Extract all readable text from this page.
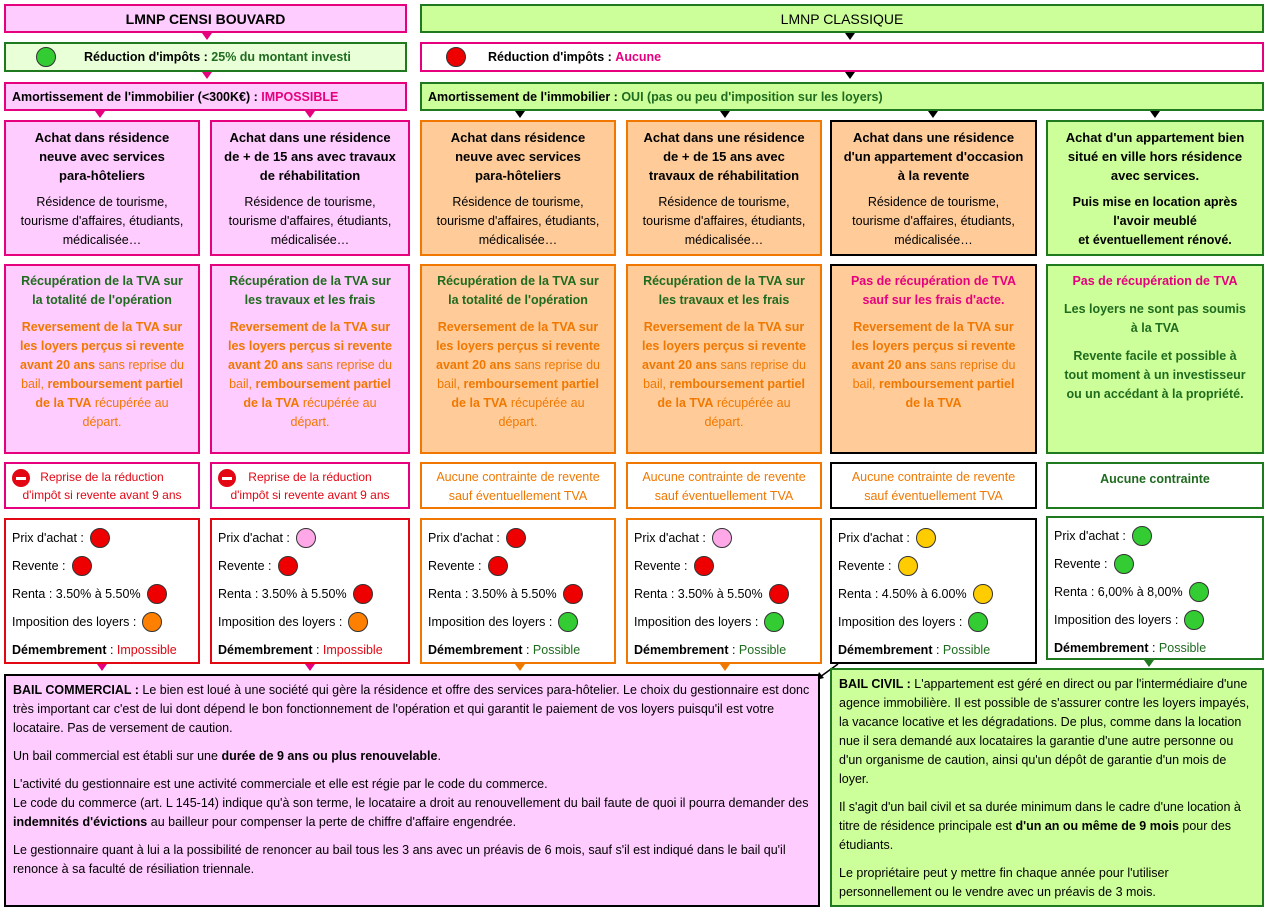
LMNP CENSI BOUVARD	LMNP CLASSIQUE
Réduction d'impôts :
25% du montant investi	Réduction d'impôts :
Aucune
Amortissement de l'immobilier (<300K€) :
IMPOSSIBLE	Amortissement de l'immobilier :
OUI (pas ou peu d'imposition sur les loyers)
Achat dans résidence
neuve avec services
para-hôteliers
Résidence de tourisme,
tourisme d'affaires, étudiants,
médicalisée…
Achat dans une résidence
de + de 15 ans avec travaux
de réhabilitation
Résidence de tourisme,
tourisme d'affaires, étudiants,
médicalisée…
Achat dans résidence
neuve avec services
para-hôteliers
Résidence de tourisme,
tourisme d'affaires, étudiants,
médicalisée…
Achat dans une résidence
de + de 15 ans avec
travaux de réhabilitation
Résidence de tourisme,
tourisme d'affaires, étudiants,
médicalisée…
Achat dans une résidence
d'un appartement d'occasion
à la revente
Résidence de tourisme,
tourisme d'affaires, étudiants,
médicalisée…
Achat d'un appartement bien
situé en ville hors résidence
avec services.
Puis mise en location après
l'avoir meublé
et éventuellement rénové.

Récupération de la TVA sur
la totalité de l'opération

Reversement de la TVA sur
les loyers perçus si revente
avant 20 ans sans reprise du
bail, remboursement partiel
de la TVA récupérée au
départ.

Récupération de la TVA sur
les travaux et les frais

Reversement de la TVA sur
les loyers perçus si revente
avant 20 ans sans reprise du
bail, remboursement partiel
de la TVA récupérée au
départ.

Récupération de la TVA sur
la totalité de l'opération

Reversement de la TVA sur
les loyers perçus si revente
avant 20 ans sans reprise du
bail, remboursement partiel
de la TVA récupérée au
départ.

Récupération de la TVA sur
les travaux et les frais

Reversement de la TVA sur
les loyers perçus si revente
avant 20 ans sans reprise du
bail, remboursement partiel
de la TVA récupérée au
départ.

Pas de récupération de TVA
sauf sur les frais d'acte.

Reversement de la TVA sur
les loyers perçus si revente
avant 20 ans sans reprise du
bail, remboursement partiel
de la TVA

Pas de récupération de TVA

Les loyers ne sont pas soumis
à la TVA

Revente facile et possible à
tout moment à un investisseur
ou un accédant à la propriété.

Reprise de la réduction
d'impôt si revente avant 9 ans
Reprise de la réduction
d'impôt si revente avant 9 ans
Aucune contrainte de revente
sauf éventuellement TVA
Aucune contrainte de revente
sauf éventuellement TVA
Aucune contrainte de revente
sauf éventuellement TVA
Aucune contrainte
Prix d'achat :
Revente :
Renta : 3.50% à 5.50%
Imposition des loyers :
Démembrement : Impossible
Prix d'achat :
Revente :
Renta : 3.50% à 5.50%
Imposition des loyers :
Démembrement : Impossible
Prix d'achat :
Revente :
Renta : 3.50% à 5.50%
Imposition des loyers :
Démembrement : Possible
Prix d'achat :
Revente :
Renta : 3.50% à 5.50%
Imposition des loyers :
Démembrement : Possible
Prix d'achat :
Revente :
Renta : 4.50% à 6.00%
Imposition des loyers :
Démembrement : Possible
Prix d'achat :
Revente :
Renta : 6,00% à 8,00%
Imposition des loyers :
Démembrement : Possible

BAIL COMMERCIAL : Le bien est loué à une société qui gère la résidence et offre des services para-hôtelier. Le choix du gestionnaire est donc très important car c'est de lui dont dépend le bon fonctionnement de l'opération et qui garantit le paiement de vos loyers puisqu'il est votre locataire. Pas de versement de caution.

Un bail commercial est établi sur une durée de 9 ans ou plus renouvelable.

L'activité du gestionnaire est une activité commerciale et elle est régie par le code du commerce.
Le code du commerce (art. L 145-14) indique qu'à son terme, le locataire a droit au renouvellement du bail faute de quoi il pourra demander des indemnités d'évictions au bailleur pour compenser la perte de chiffre d'affaire engendrée.

Le gestionnaire quant à lui a la possibilité de renoncer au bail tous les 3 ans avec un préavis de 6 mois, sauf s'il est indiqué dans le bail qu'il renonce à sa faculté de résiliation triennale.

BAIL CIVIL : L'appartement est géré en direct ou par l'intermédiaire d'une agence immobilière. Il est possible de s'assurer contre les loyers impayés, la vacance locative et les dégradations. De plus, comme dans la location nue il sera demandé aux locataires la garantie d'une autre personne ou d'un organisme de caution, ainsi qu'un dépôt de garantie d'un mois de loyer.

Il s'agit d'un bail civil et sa durée minimum dans le cadre d'une location à titre de résidence principale est d'un an ou même de 9 mois pour des étudiants.

Le propriétaire peut y mettre fin chaque année pour l'utiliser personnellement ou le vendre avec un préavis de 3 mois.
